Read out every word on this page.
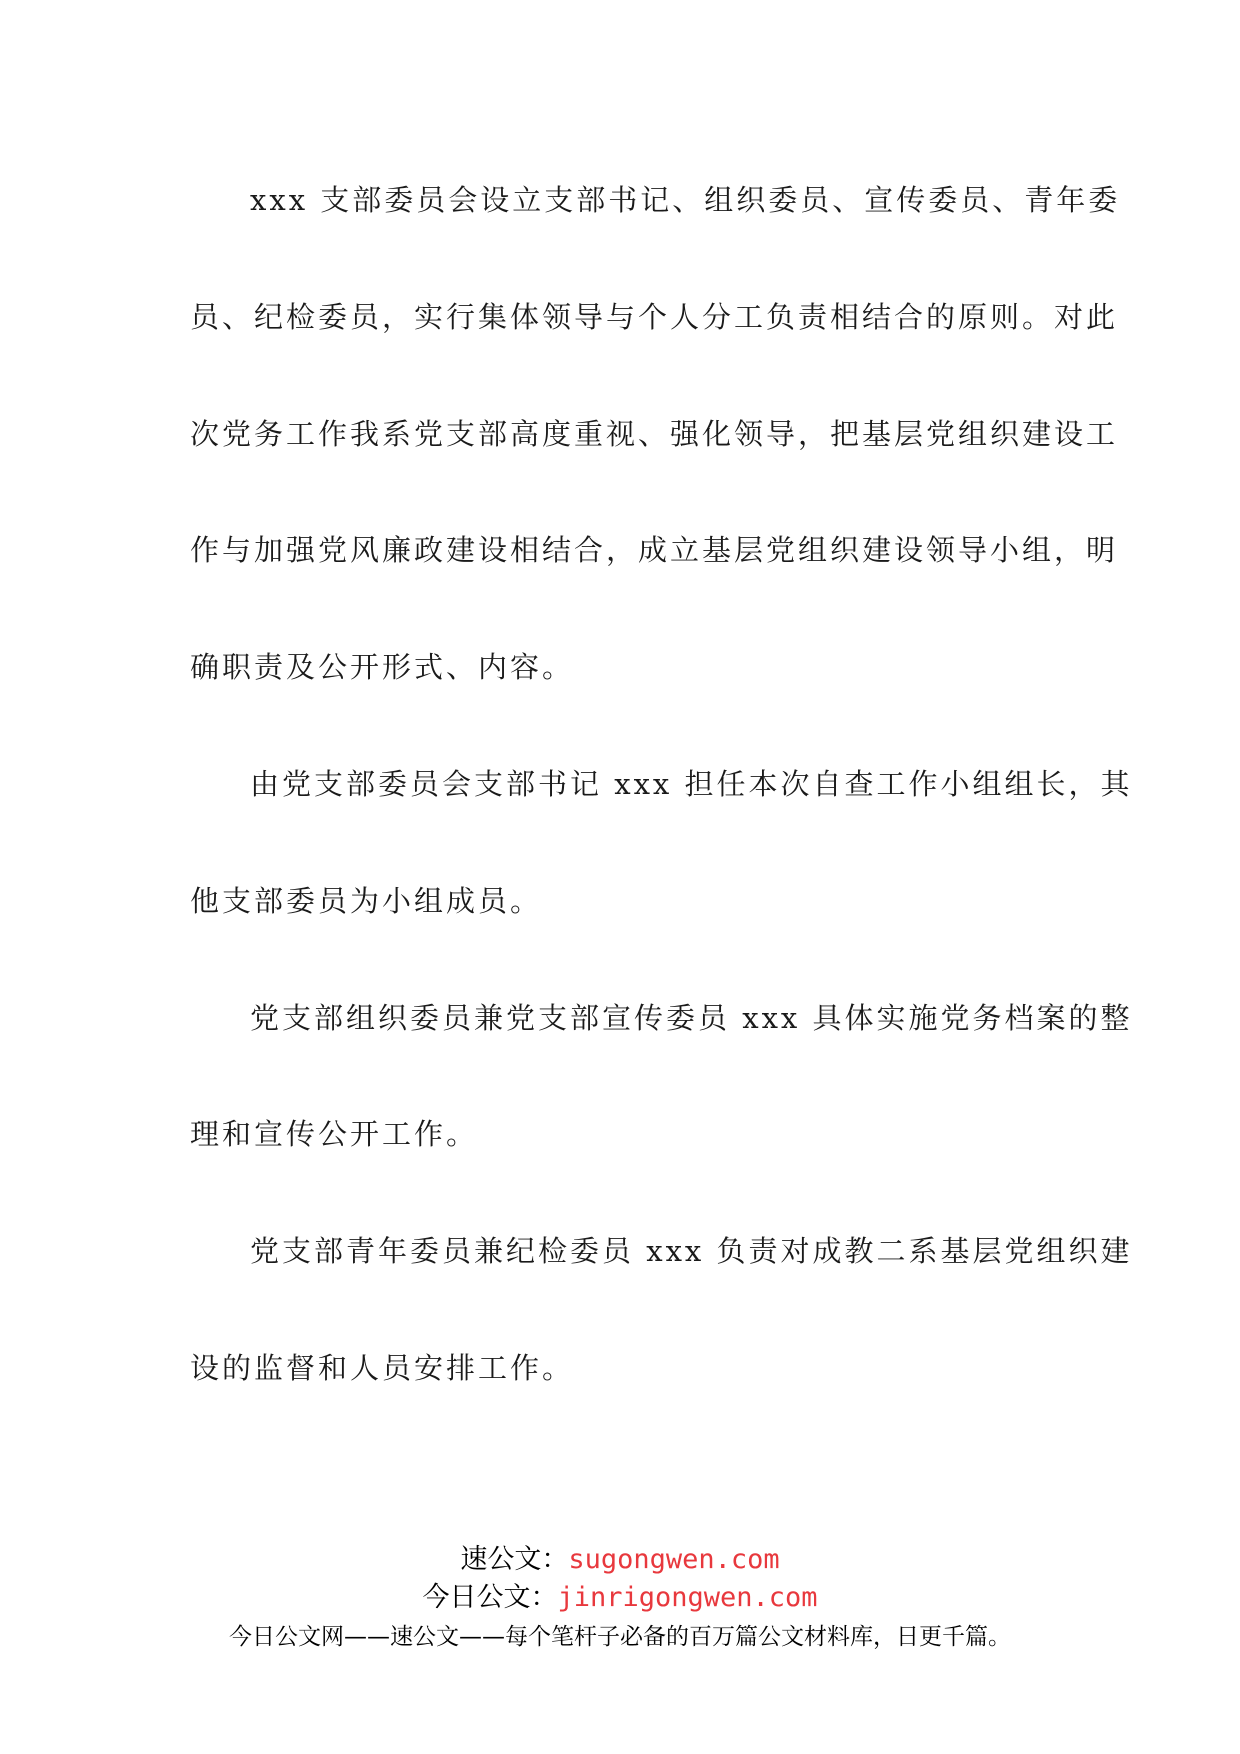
xxx 支部委员会设立支部书记、组织委员、宣传委员、青年委
员、纪检委员，实行集体领导与个人分工负责相结合的原则。对此
次党务工作我系党支部高度重视、强化领导，把基层党组织建设工
作与加强党风廉政建设相结合，成立基层党组织建设领导小组，明
确职责及公开形式、内容。
由党支部委员会支部书记 xxx 担任本次自查工作小组组长，其
他支部委员为小组成员。
党支部组织委员兼党支部宣传委员 xxx 具体实施党务档案的整
理和宣传公开工作。
党支部青年委员兼纪检委员 xxx 负责对成教二系基层党组织建
设的监督和人员安排工作。
速公文：sugongwen.com
今日公文：jinrigongwen.com
今日公文网——速公文——每个笔杆子必备的百万篇公文材料库，日更千篇。
